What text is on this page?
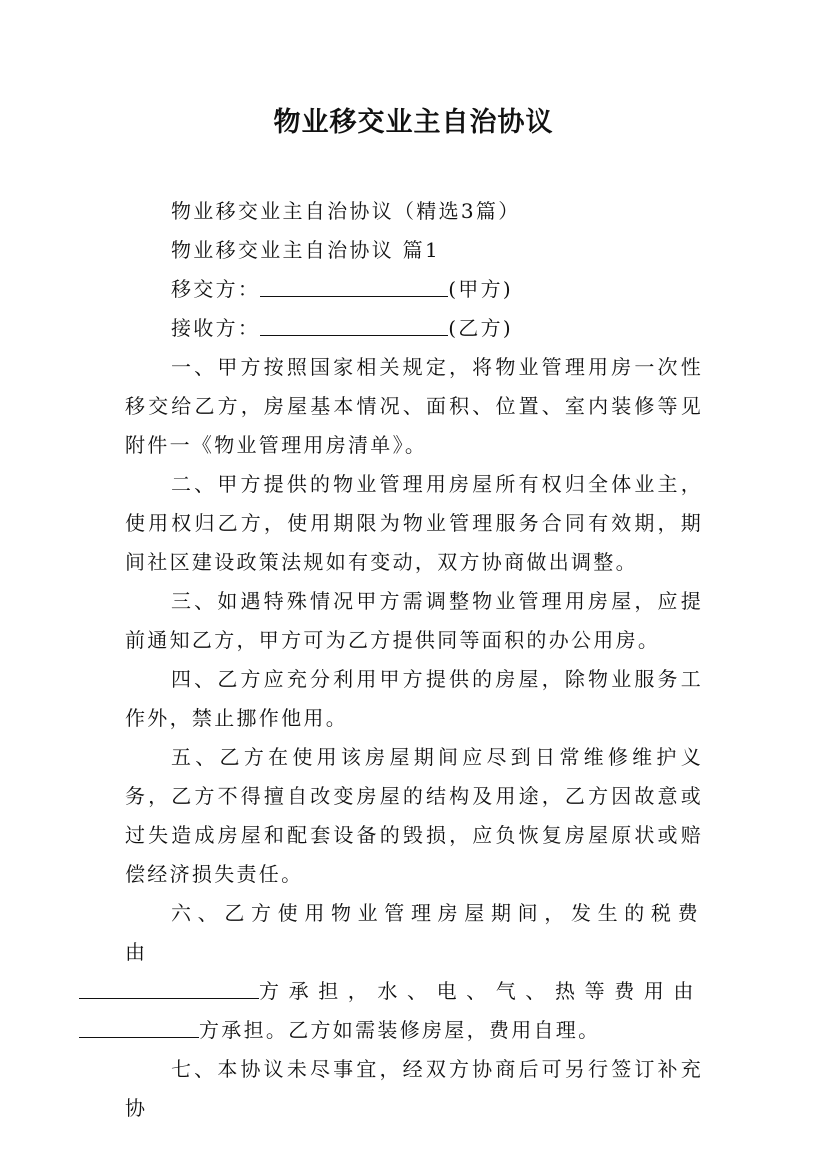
物业移交业主自治协议

物业移交业主自治协议（精选3篇）

物业移交业主自治协议 篇1

移交方：	(甲方)

接收方：	(乙方)

一、甲方按照国家相关规定，将物业管理用房一次性移交给乙方，房屋基本情况、面积、位置、室内装修等见附件一《物业管理用房清单》。

二、甲方提供的物业管理用房屋所有权归全体业主，使用权归乙方，使用期限为物业管理服务合同有效期，期间社区建设政策法规如有变动，双方协商做出调整。

三、如遇特殊情况甲方需调整物业管理用房屋，应提前通知乙方，甲方可为乙方提供同等面积的办公用房。

四、乙方应充分利用甲方提供的房屋，除物业服务工作外，禁止挪作他用。

五、乙方在使用该房屋期间应尽到日常维修维护义务，乙方不得擅自改变房屋的结构及用途，乙方因故意或过失造成房屋和配套设备的毁损，应负恢复房屋原状或赔偿经济损失责任。

六、乙方使用物业管理房屋期间，发生的税费由
方承担，水、电、气、热等费用由
方承担。乙方如需装修房屋，费用自理。

七、本协议未尽事宜，经双方协商后可另行签订补充协
